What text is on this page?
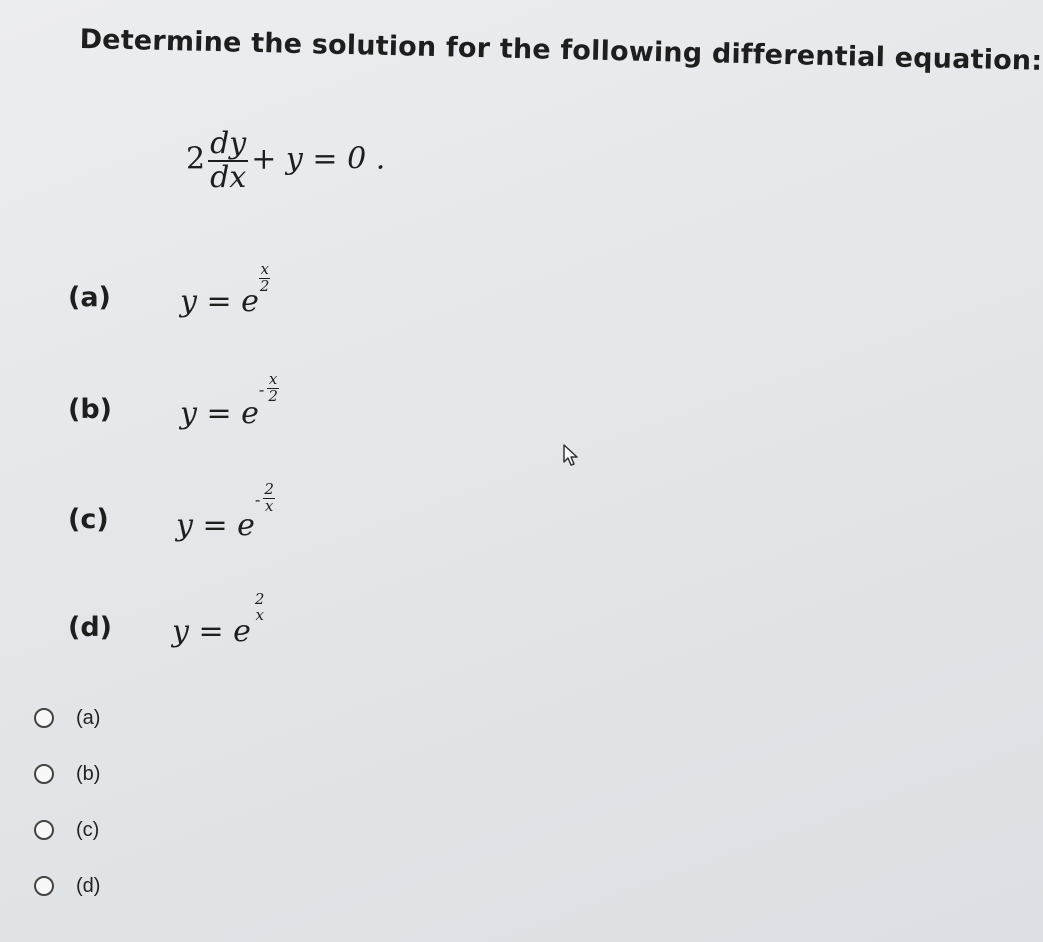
Determine the solution for the following differential equation:
$2 \frac{dy}{dx} + y = 0$ .
(a) y = e
$\frac{x}{2}$
(b) $y = e- \frac{x}{2}$
(c) $y = e- \frac{2}{x}$
(d) y = e
2
x
(a)
(b)
(c)
(d)
